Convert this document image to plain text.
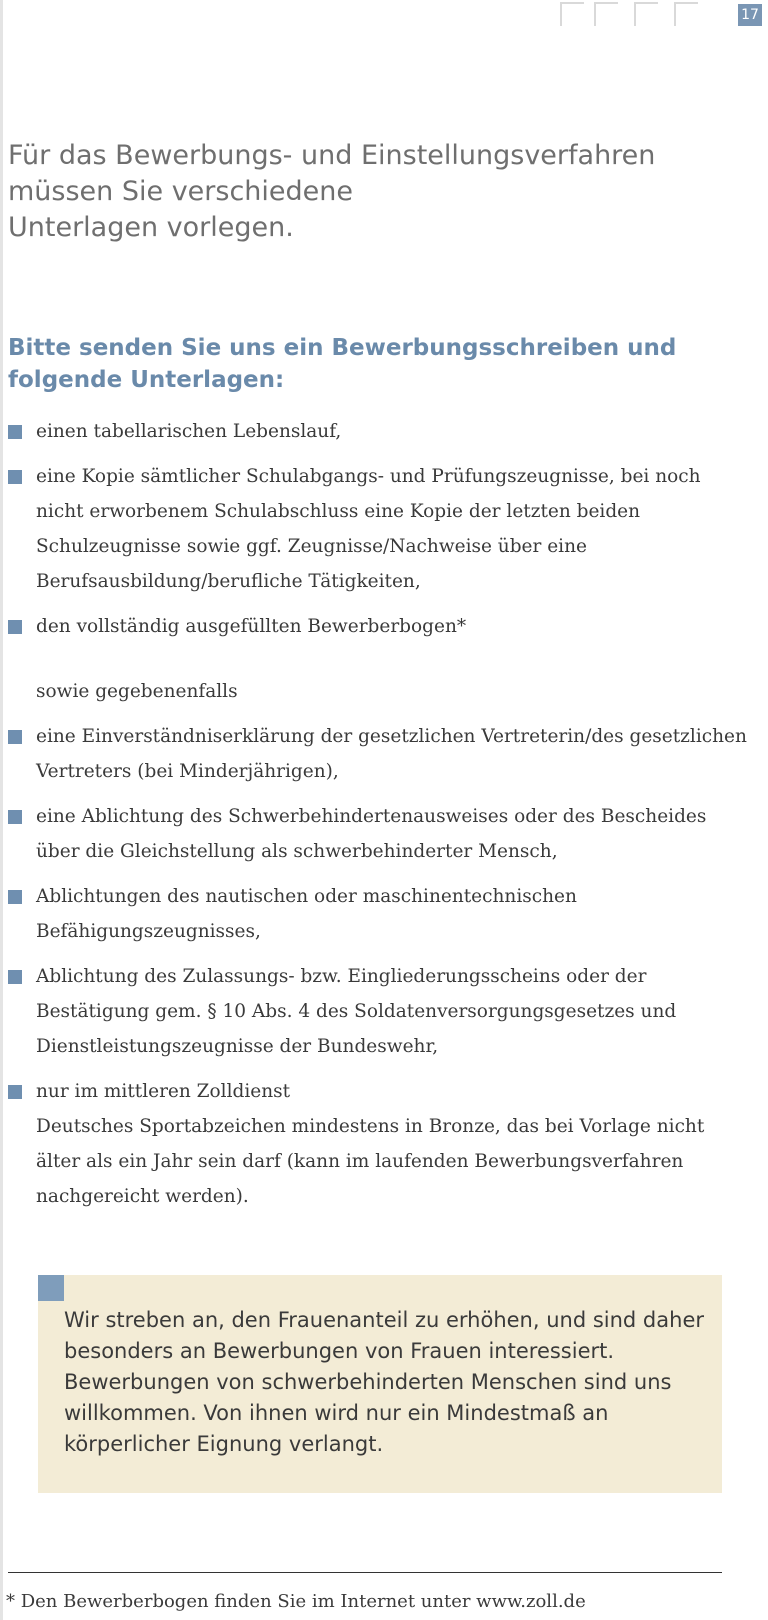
17
Für das Bewerbungs- und Einstellungsverfahren
müssen Sie verschiedene
Unterlagen vorlegen.
Bitte senden Sie uns ein Bewerbungsschreiben und folgende Unterlagen:
einen tabellarischen Lebenslauf,
eine Kopie sämtlicher Schulabgangs- und Prüfungszeugnisse, bei noch nicht erworbenem Schulabschluss eine Kopie der letzten beiden Schulzeugnisse sowie ggf. Zeugnisse/Nachweise über eine Berufsausbildung/berufliche Tätigkeiten,
den vollständig ausgefüllten Bewerberbogen*
sowie gegebenenfalls
eine Einverständniserklärung der gesetzlichen Vertreterin/des gesetzlichen Vertreters (bei Minderjährigen),
eine Ablichtung des Schwerbehindertenausweises oder des Bescheides über die Gleichstellung als schwerbehinderter Mensch,
Ablichtungen des nautischen oder maschinentechnischen Befähigungszeugnisses,
Ablichtung des Zulassungs- bzw. Eingliederungsscheins oder der Bestätigung gem. § 10 Abs. 4 des Soldatenversorgungsgesetzes und Dienstleistungszeugnisse der Bundeswehr,
nur im mittleren Zolldienst
Deutsches Sportabzeichen mindestens in Bronze, das bei Vorlage nicht älter als ein Jahr sein darf (kann im laufenden Bewerbungsverfahren nachgereicht werden).

Wir streben an, den Frauenanteil zu erhöhen, und sind daher besonders an Bewerbungen von Frauen interessiert. Bewerbungen von schwerbehinderten Menschen sind uns willkommen. Von ihnen wird nur ein Mindestmaß an körperlicher Eignung verlangt.

* Den Bewerberbogen finden Sie im Internet unter www.zoll.de
